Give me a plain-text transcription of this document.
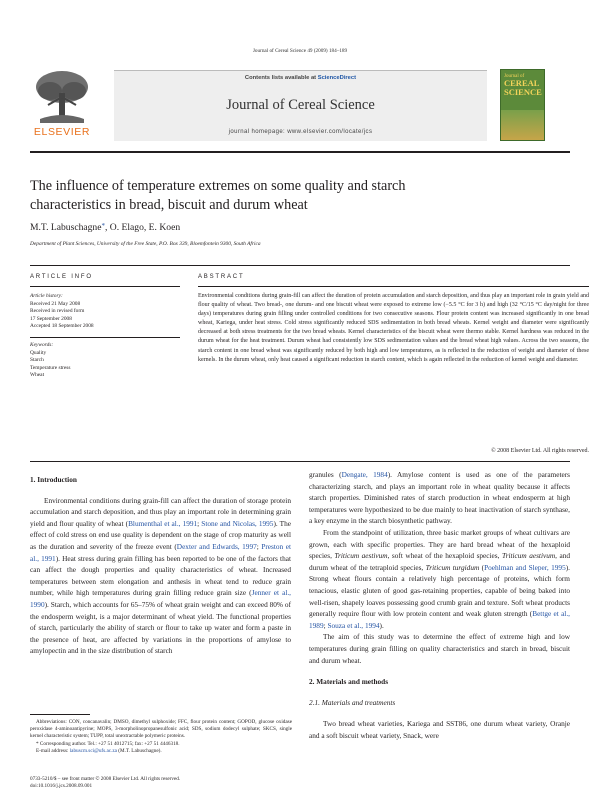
Journal of Cereal Science 49 (2009) 184–189
ELSEVIER
Contents lists available at ScienceDirect
Journal of Cereal Science
journal homepage: www.elsevier.com/locate/jcs
Journal of
CEREAL
SCIENCE
The influence of temperature extremes on some quality and starch
characteristics in bread, biscuit and durum wheat
M.T. Labuschagne*, O. Elago, E. Koen
Department of Plant Sciences, University of the Free State, P.O. Box 339, Bloemfontein 9300, South Africa
ARTICLE INFO	ABSTRACT
Article history:
Received 21 May 2008
Received in revised form
17 September 2008
Accepted 18 September 2008
Keywords:
Quality
Starch
Temperature stress
Wheat
Environmental conditions during grain-fill can affect the duration of protein accumulation and starch deposition, and thus play an important role in grain yield and flour quality of wheat. Two bread-, one durum- and one biscuit wheat were exposed to extreme low (−5.5 °C for 3 h) and high (32 °C/15 °C day/night for three days) temperatures during grain filling under controlled conditions for two consecutive seasons. Flour protein content was increased significantly in one bread wheat, Kariega, under heat stress. Cold stress significantly reduced SDS sedimentation in both bread wheats. Kernel weight and diameter were significantly decreased at both stress treatments for the two bread wheats. Kernel characteristics of the biscuit wheat were thermo stable. Kernel hardness was reduced in the durum wheat for the heat treatment. Durum wheat had consistently low SDS sedimentation values and the bread wheat high values. Across the two seasons, the starch content in one bread wheat was significantly reduced by both high and low temperatures, as is reflected in the reduction of weight and diameter of these kernels. In the durum wheat, only heat caused a significant reduction in starch content, which is again reflected in the reduction of kernel weight and diameter.
© 2008 Elsevier Ltd. All rights reserved.
1. Introduction

Environmental conditions during grain-fill can affect the duration of storage protein accumulation and starch deposition, and thus play an important role in determining grain yield and flour quality of wheat (Blumenthal et al., 1991; Stone and Nicolas, 1995). The effect of cold stress on end use quality is dependent on the stage of crop maturity as well as the duration and severity of the freeze event (Dexter and Edwards, 1997; Preston et al., 1991). Heat stress during grain filling has been reported to be one of the factors that can affect the dough properties and quality characteristics of wheat. Increased temperatures between stem elongation and anthesis in wheat tend to reduce grain number, while high temperatures during grain filling reduce grain size (Jenner et al., 1990). Starch, which accounts for 65–75% of wheat grain weight and can exceed 80% of the endosperm weight, is a major determinant of wheat yield. The functional properties of starch, particularly the ability of starch or flour to take up water and form a paste in the presence of heat, are affected by variations in the proportions of amylose to amylopectin and in the size distribution of starch

Abbreviations: CON, concanavalin; DMSO, dimethyl sulphoxide; FFC, flour protein content; GOPOD, glucose oxidase peroxidase 4-aminoantipyrine; MOPS, 3-morpholinopropanesulfonic acid; SDS, sodium dodecyl sulphate; SKCS, single kernel characteristic system; TUPP, total unextractable polymeric proteins.

* Corresponding author. Tel.: +27 51 4012715; fax: +27 51 4446318.

E-mail address: labuscm.sci@ufs.ac.za (M.T. Labuschagne).

0733-5210/$ – see front matter © 2008 Elsevier Ltd. All rights reserved.
doi:10.1016/j.jcs.2008.09.001

granules (Dengate, 1984). Amylose content is used as one of the parameters characterizing starch, and plays an important role in wheat quality because it affects starch properties. Diminished rates of starch production in wheat endosperm at high temperatures were hypothesized to be due mainly to heat inactivation of starch synthase, a key enzyme in the starch biosynthetic pathway.

From the standpoint of utilization, three basic market groups of wheat cultivars are grown, each with specific properties. They are hard bread wheat of the hexaploid species, Triticum aestivum, soft wheat of the hexaploid species, Triticum aestivum, and durum wheat of the tetraploid species, Triticum turgidum (Poehlman and Sleper, 1995). Strong wheat flours contain a relatively high percentage of proteins, which form tenacious, elastic gluten of good gas-retaining properties, capable of being baked into well-risen, shapely loaves possessing good crumb grain and texture. Soft wheat products generally require flour with low protein content and weak gluten strength (Bettge et al., 1989; Souza et al., 1994).

The aim of this study was to determine the effect of extreme high and low temperatures during grain filling on quality characteristics and starch in bread, biscuit and durum wheat.

2. Materials and methods
2.1. Materials and treatments

Two bread wheat varieties, Kariega and SST86, one durum wheat variety, Oranje and a soft biscuit wheat variety, Snack, were
